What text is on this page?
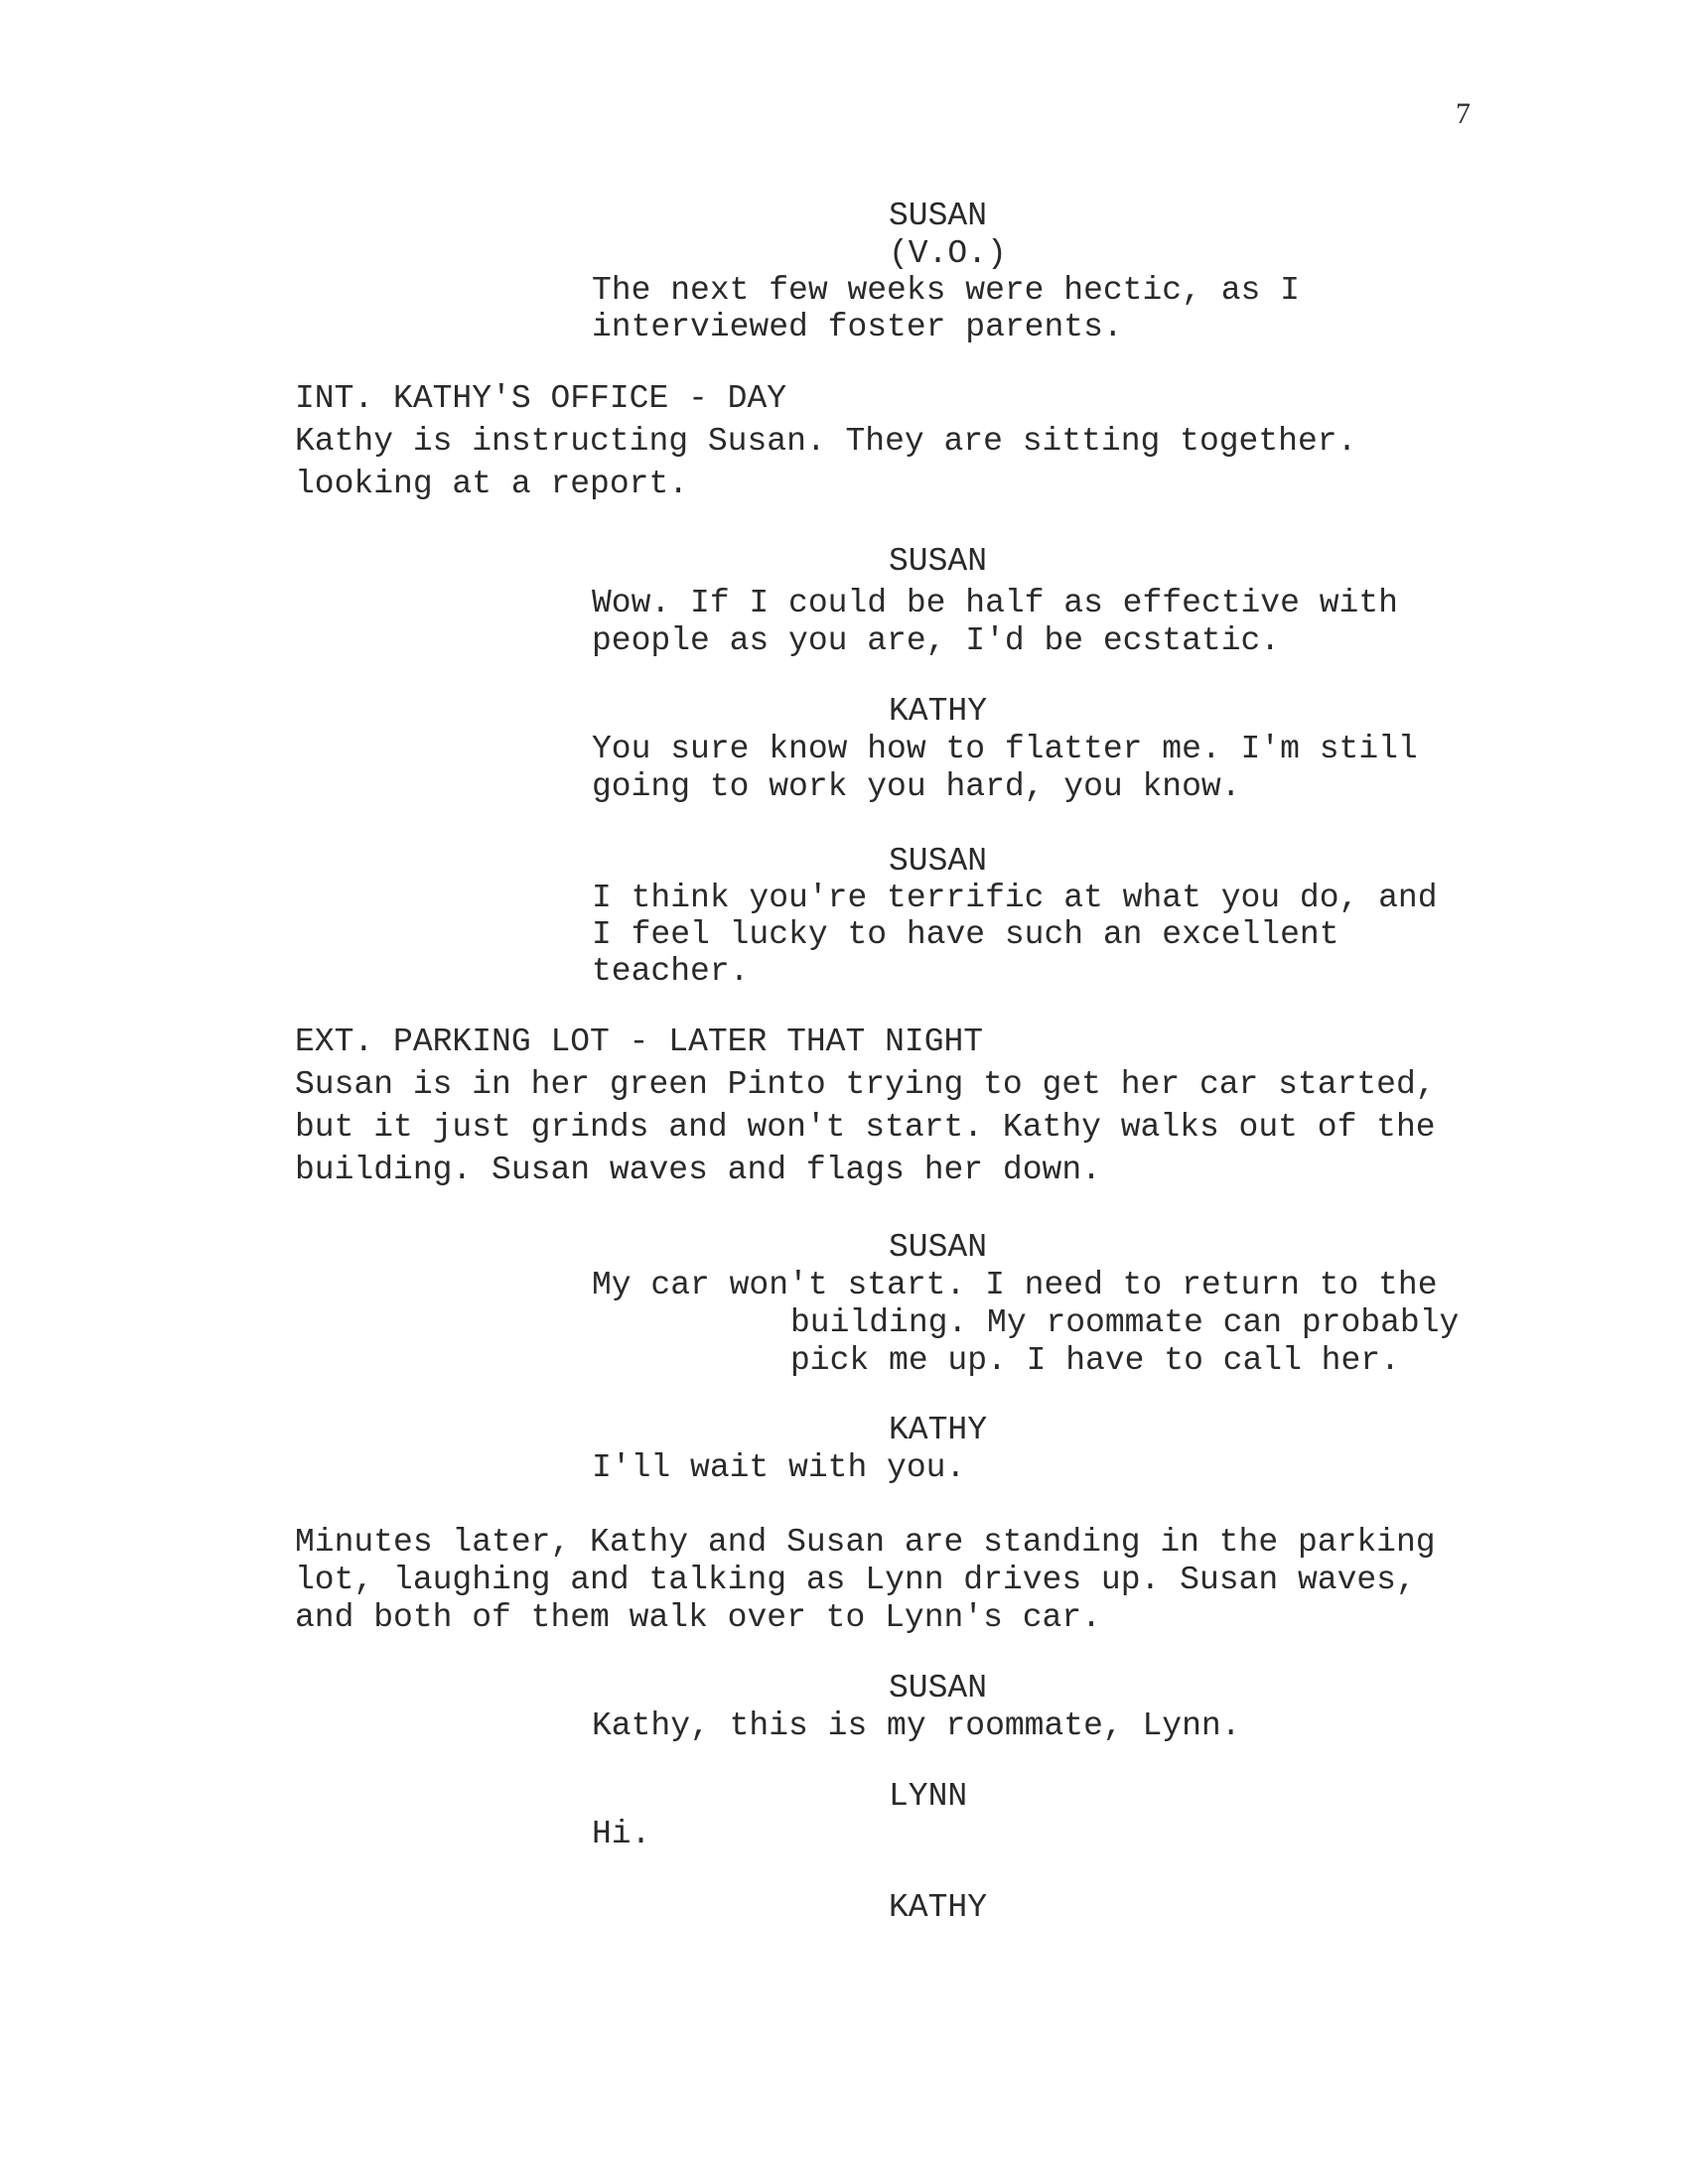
7
SUSAN
(V.O.)
The next few weeks were hectic, as I
interviewed foster parents.
INT. KATHY'S OFFICE - DAY
Kathy is instructing Susan. They are sitting together.
looking at a report.
SUSAN
Wow. If I could be half as effective with
people as you are, I'd be ecstatic.
KATHY
You sure know how to flatter me. I'm still
going to work you hard, you know.
SUSAN
I think you're terrific at what you do, and
I feel lucky to have such an excellent
teacher.
EXT. PARKING LOT - LATER THAT NIGHT
Susan is in her green Pinto trying to get her car started,
but it just grinds and won't start. Kathy walks out of the
building. Susan waves and flags her down.
SUSAN
My car won't start. I need to return to the
building. My roommate can probably
pick me up. I have to call her.
KATHY
I'll wait with you.
Minutes later, Kathy and Susan are standing in the parking
lot, laughing and talking as Lynn drives up. Susan waves,
and both of them walk over to Lynn's car.
SUSAN
Kathy, this is my roommate, Lynn.
LYNN
Hi.
KATHY
